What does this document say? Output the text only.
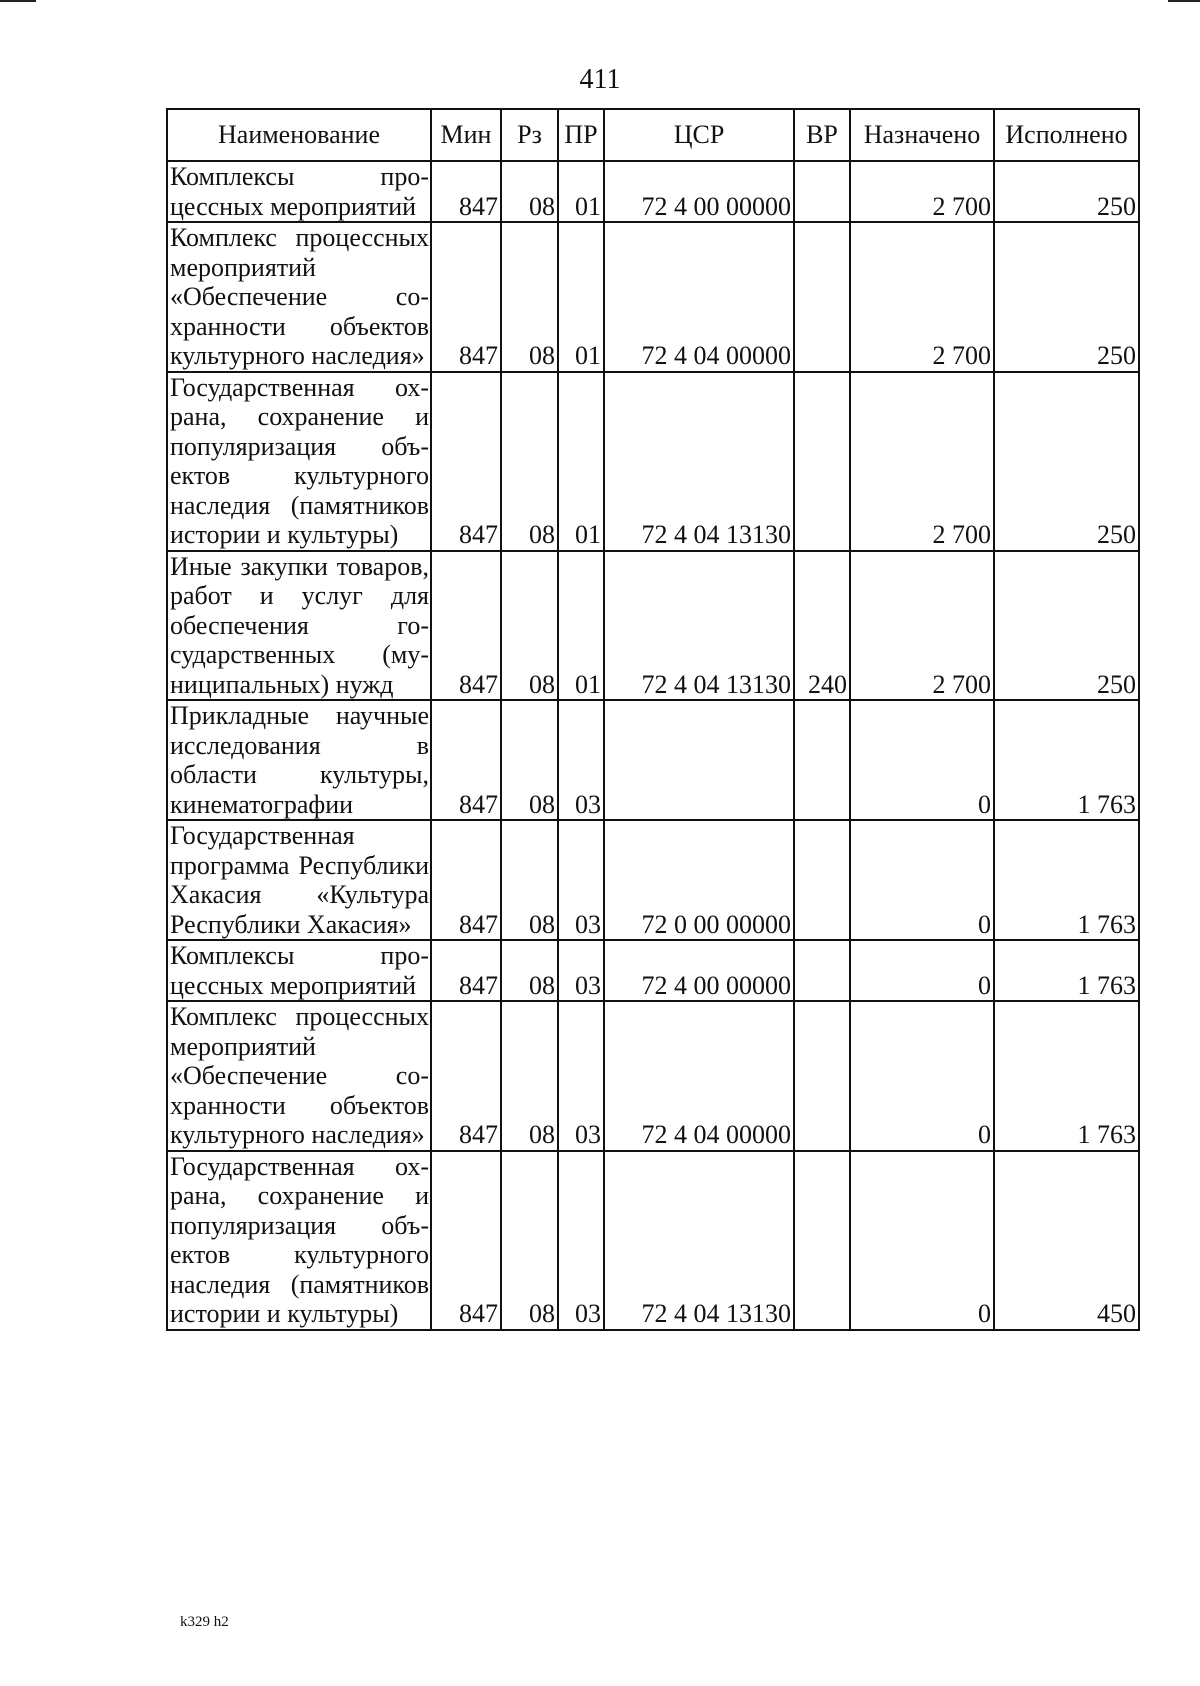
411
Наименование	Мин	Рз	ПР	ЦСР	ВР	Назначено	Исполнено
Комплексы процессных мероприятий	847	08	01	72 4 00 00000		2 700	250
Комплекс процессных мероприятий «Обеспечение сохранности объектов культурного наследия»	847	08	01	72 4 04 00000		2 700	250
Государственная охрана, сохранение и популяризация объектов культурного наследия (памятников истории и культуры)	847	08	01	72 4 04 13130		2 700	250
Иные закупки товаров, работ и услуг для обеспечения государственных (муниципальных) нужд	847	08	01	72 4 04 13130	240	2 700	250
Прикладные научные исследования в области культуры, кинематографии	847	08	03			0	1 763
Государственная программа Республики Хакасия «Культура Республики Хакасия»	847	08	03	72 0 00 00000		0	1 763
Комплексы процессных мероприятий	847	08	03	72 4 00 00000		0	1 763
Комплекс процессных мероприятий «Обеспечение сохранности объектов культурного наследия»	847	08	03	72 4 04 00000		0	1 763
Государственная охрана, сохранение и популяризация объектов культурного наследия (памятников истории и культуры)	847	08	03	72 4 04 13130		0	450
k329 h2
